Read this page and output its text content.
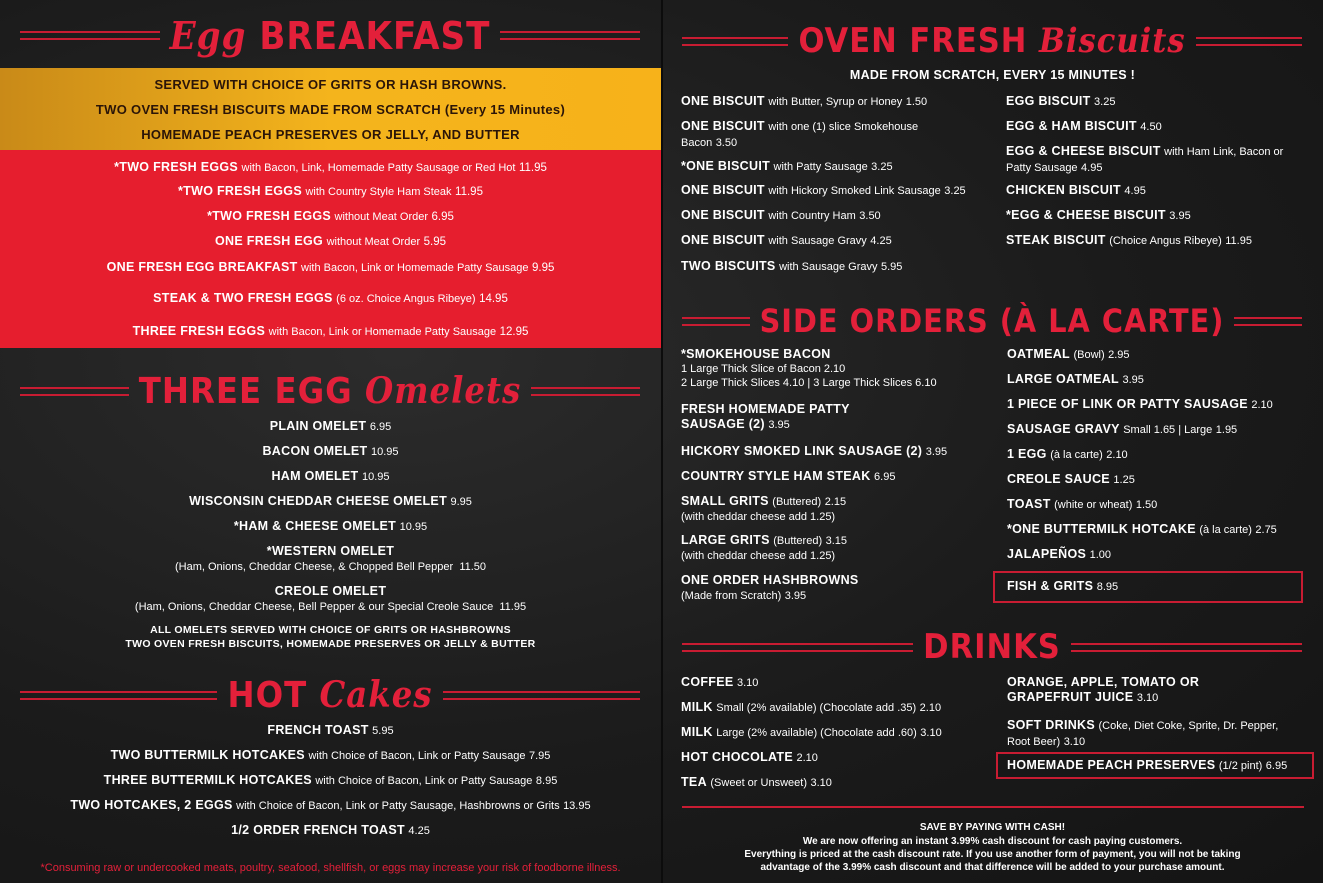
Egg BREAKFAST
SERVED WITH CHOICE OF GRITS OR HASH BROWNS.
TWO OVEN FRESH BISCUITS MADE FROM SCRATCH (Every 15 Minutes)
HOMEMADE PEACH PRESERVES OR JELLY, AND BUTTER
*TWO FRESH EGGS with Bacon, Link, Homemade Patty Sausage or Red Hot 11.95
*TWO FRESH EGGS with Country Style Ham Steak 11.95
*TWO FRESH EGGS without Meat Order 6.95
ONE FRESH EGG without Meat Order 5.95
ONE FRESH EGG BREAKFAST with Bacon, Link or Homemade Patty Sausage 9.95
STEAK & TWO FRESH EGGS (6 oz. Choice Angus Ribeye) 14.95
THREE FRESH EGGS with Bacon, Link or Homemade Patty Sausage 12.95
THREE EGG Omelets
PLAIN OMELET 6.95
BACON OMELET 10.95
HAM OMELET 10.95
WISCONSIN CHEDDAR CHEESE OMELET 9.95
*HAM & CHEESE OMELET 10.95
*WESTERN OMELET
(Ham, Onions, Cheddar Cheese, & Chopped Bell Pepper 11.50
CREOLE OMELET
(Ham, Onions, Cheddar Cheese, Bell Pepper & our Special Creole Sauce 11.95
ALL OMELETS SERVED WITH CHOICE OF GRITS OR HASHBROWNS
TWO OVEN FRESH BISCUITS, HOMEMADE PRESERVES OR JELLY & BUTTER
HOT Cakes
FRENCH TOAST 5.95
TWO BUTTERMILK HOTCAKES with Choice of Bacon, Link or Patty Sausage 7.95
THREE BUTTERMILK HOTCAKES with Choice of Bacon, Link or Patty Sausage 8.95
TWO HOTCAKES, 2 EGGS with Choice of Bacon, Link or Patty Sausage, Hashbrowns or Grits 13.95
1/2 ORDER FRENCH TOAST 4.25
*Consuming raw or undercooked meats, poultry, seafood, shellfish, or eggs may increase your risk of foodborne illness.
OVEN FRESH Biscuits
MADE FROM SCRATCH, EVERY 15 MINUTES !
ONE BISCUIT with Butter, Syrup or Honey 1.50
ONE BISCUIT with one (1) slice Smokehouse
Bacon 3.50
*ONE BISCUIT with Patty Sausage 3.25
ONE BISCUIT with Hickory Smoked Link Sausage 3.25
ONE BISCUIT with Country Ham 3.50
ONE BISCUIT with Sausage Gravy 4.25
TWO BISCUITS with Sausage Gravy 5.95
EGG BISCUIT 3.25
EGG & HAM BISCUIT 4.50
EGG & CHEESE BISCUIT with Ham Link, Bacon or
Patty Sausage 4.95
CHICKEN BISCUIT 4.95
*EGG & CHEESE BISCUIT 3.95
STEAK BISCUIT (Choice Angus Ribeye) 11.95
SIDE ORDERS (À LA CARTE)
*SMOKEHOUSE BACON
1 Large Thick Slice of Bacon 2.10
2 Large Thick Slices 4.10 | 3 Large Thick Slices 6.10
FRESH HOMEMADE PATTY
SAUSAGE (2) 3.95
HICKORY SMOKED LINK SAUSAGE (2) 3.95
COUNTRY STYLE HAM STEAK 6.95
SMALL GRITS (Buttered) 2.15
(with cheddar cheese add 1.25)
LARGE GRITS (Buttered) 3.15
(with cheddar cheese add 1.25)
ONE ORDER HASHBROWNS
(Made from Scratch) 3.95
OATMEAL (Bowl) 2.95
LARGE OATMEAL 3.95
1 PIECE OF LINK OR PATTY SAUSAGE 2.10
SAUSAGE GRAVY Small 1.65 | Large 1.95
1 EGG (à la carte) 2.10
CREOLE SAUCE 1.25
TOAST (white or wheat) 1.50
*ONE BUTTERMILK HOTCAKE (à la carte) 2.75
JALAPEÑOS 1.00
FISH & GRITS 8.95
DRINKS
COFFEE 3.10
MILK Small (2% available) (Chocolate add .35) 2.10
MILK Large (2% available) (Chocolate add .60) 3.10
HOT CHOCOLATE 2.10
TEA (Sweet or Unsweet) 3.10
ORANGE, APPLE, TOMATO OR
GRAPEFRUIT JUICE 3.10
SOFT DRINKS (Coke, Diet Coke, Sprite, Dr. Pepper,
Root Beer) 3.10
HOMEMADE PEACH PRESERVES (1/2 pint) 6.95
SAVE BY PAYING WITH CASH!
We are now offering an instant 3.99% cash discount for cash paying customers.
Everything is priced at the cash discount rate. If you use another form of payment, you will not be taking
advantage of the 3.99% cash discount and that difference will be added to your purchase amount.
